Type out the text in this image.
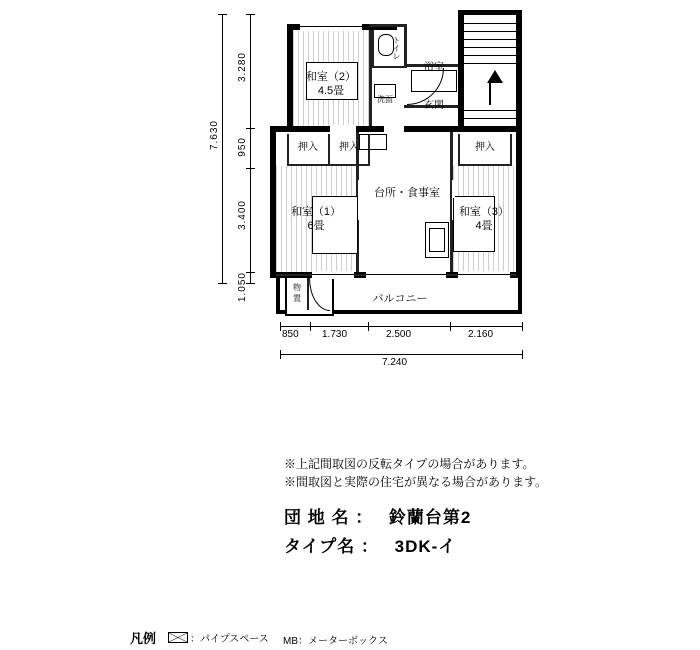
7.630
3.280
950
3.400
1.050
和室（2）
4.5畳
和室（1）
6畳
和室（3）
4畳
台所・食事室
浴室
玄関
トイレ
洗面
バルコニー
物
置
押入	押入	押入
850 1.730	2.500	2.160
7.240
※上記間取図の反転タイプの場合があります。
※間取図と実際の住宅が異なる場合があります。
団 地 名 ： 鈴蘭台第2
タイプ名 ： 3DK-イ
凡例	：パイプスペース MB：メーターボックス
